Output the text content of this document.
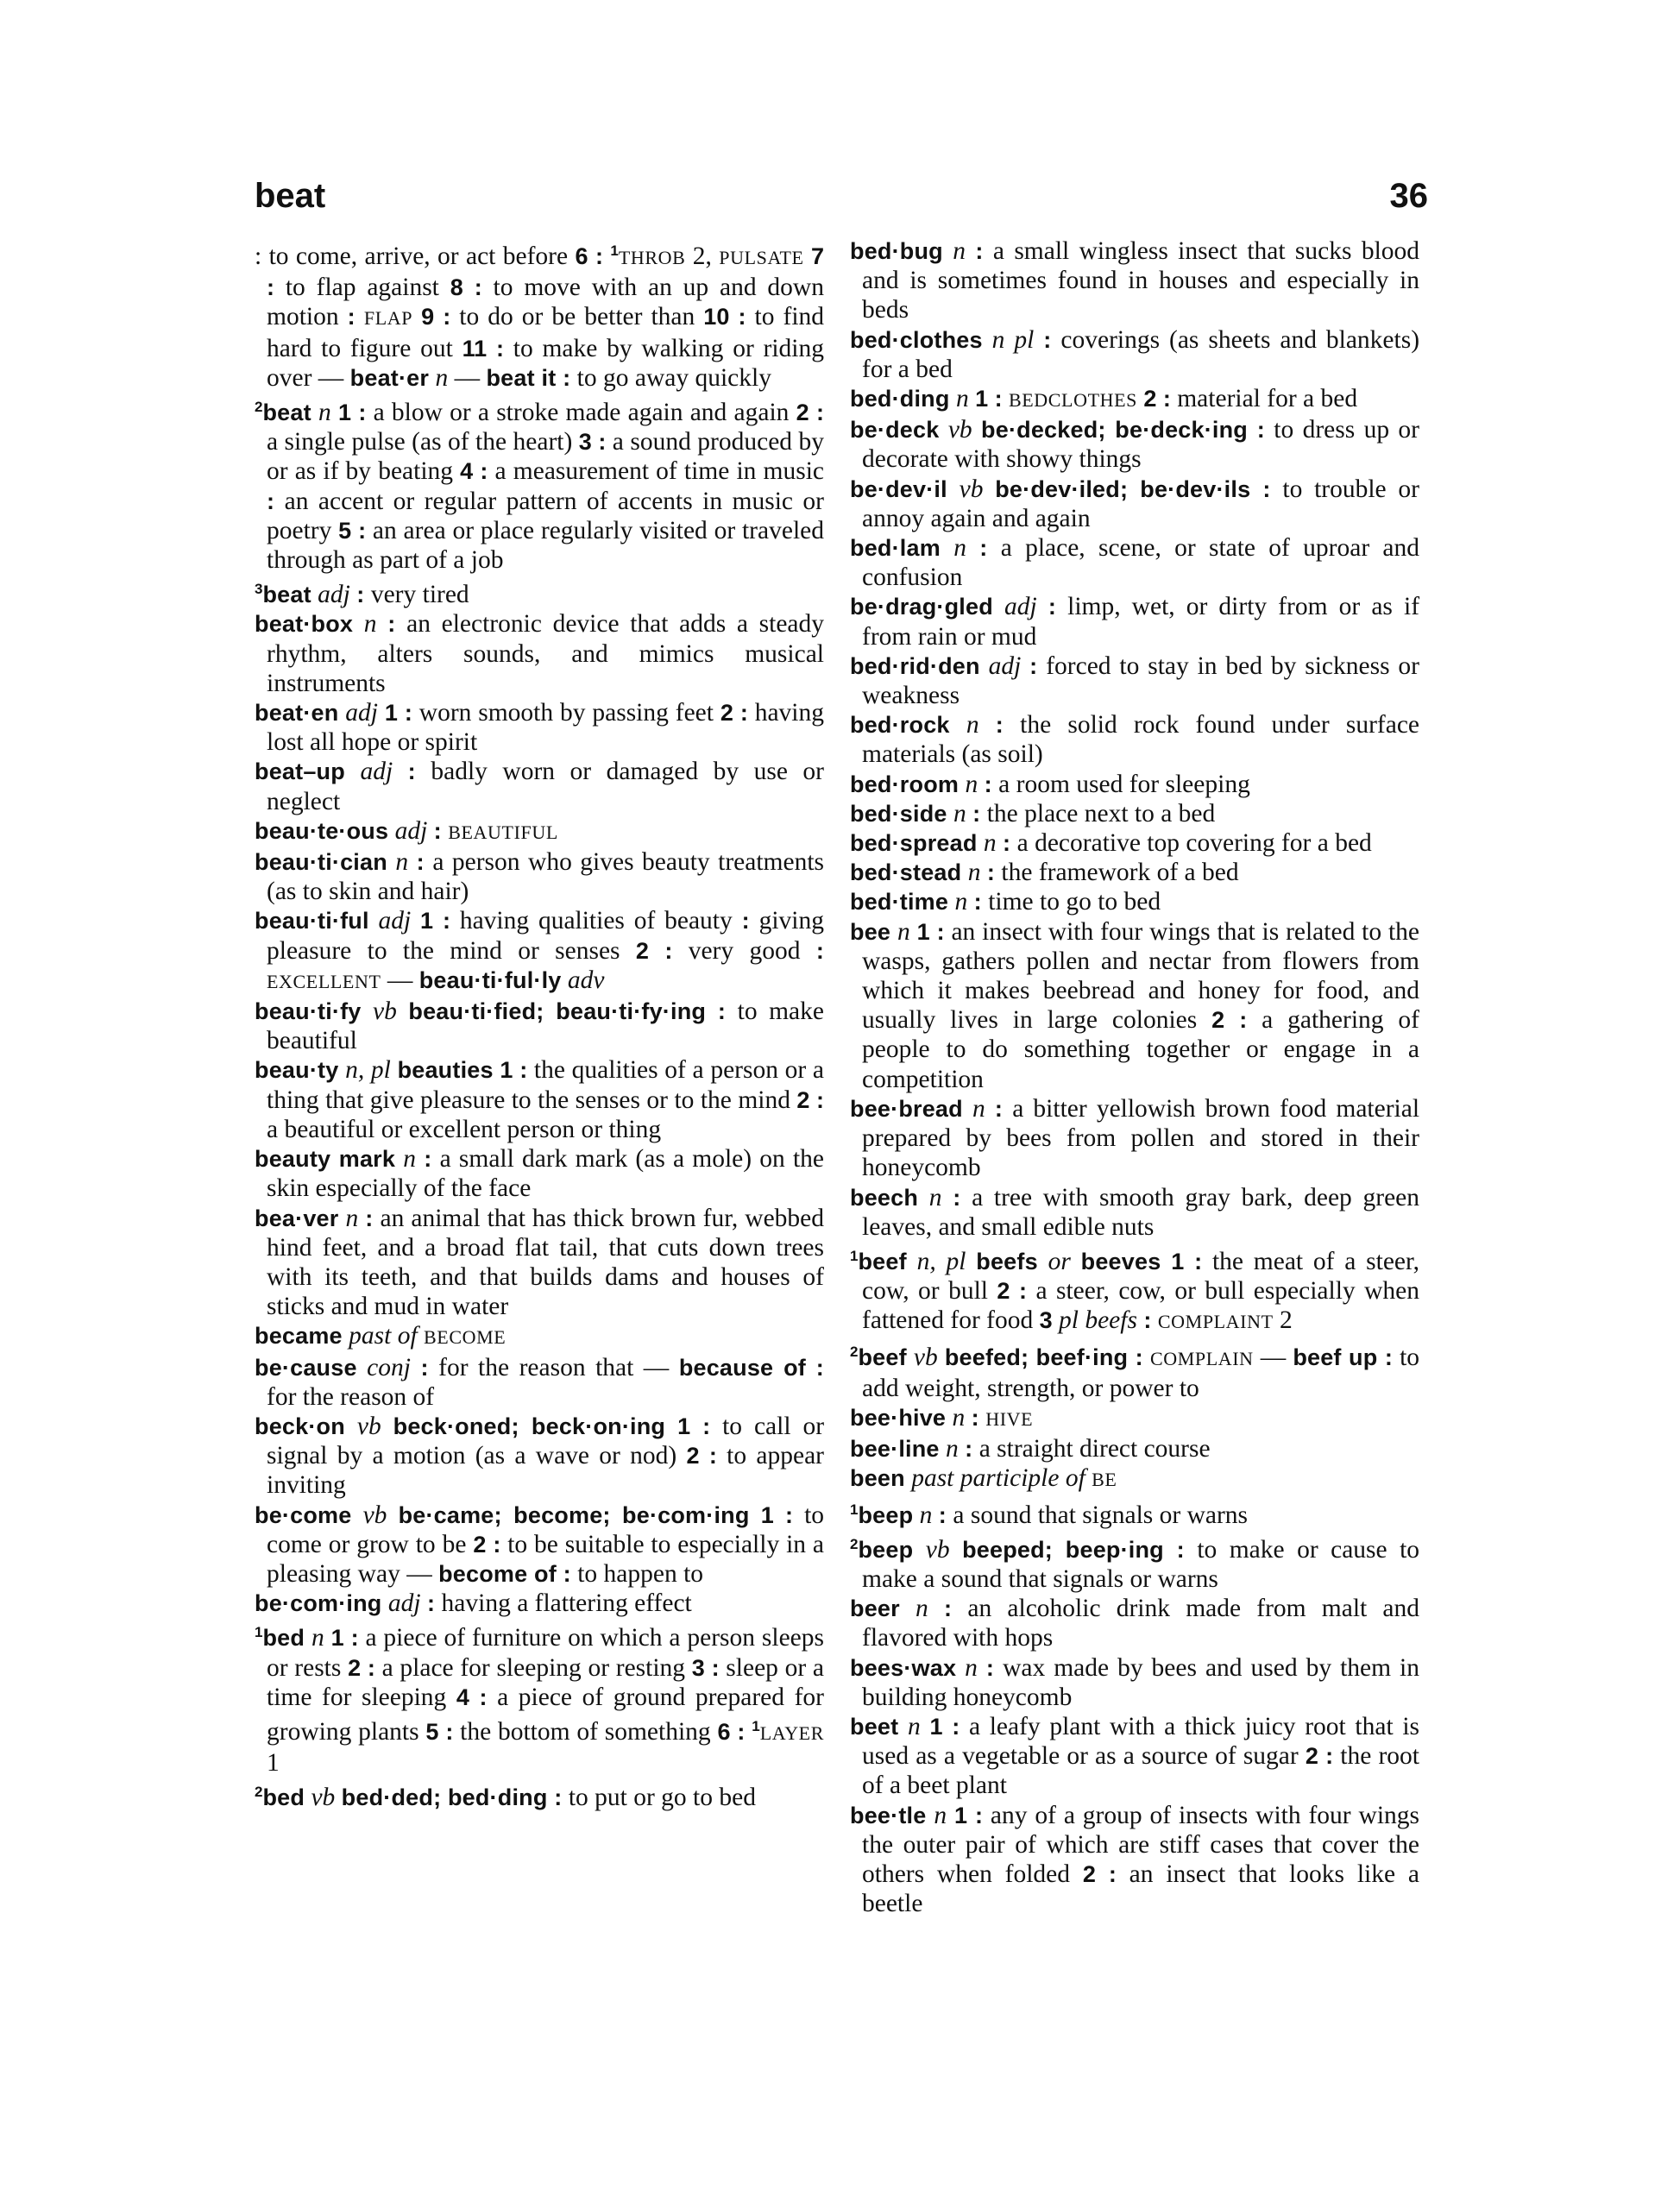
beat	36

: to come, arrive, or act before 6 : $^1$THROB 2, PULSATE 7 : to flap against 8 : to move with an up and down motion : FLAP 9 : to do or be better than 10 : to find hard to figure out 11 : to make by walking or riding over — beat·er n — beat it : to go away quickly

$^2$beat n 1 : a blow or a stroke made again and again 2 : a single pulse (as of the heart) 3 : a sound produced by or as if by beating 4 : a measurement of time in music : an accent or regular pattern of accents in music or poetry 5 : an area or place regularly visited or traveled through as part of a job

$^3$beat adj : very tired

beat·box n : an electronic device that adds a steady rhythm, alters sounds, and mimics musical instruments

beat·en adj 1 : worn smooth by passing feet 2 : having lost all hope or spirit

beat–up adj : badly worn or damaged by use or neglect

beau·te·ous adj : BEAUTIFUL

beau·ti·cian n : a person who gives beauty treatments (as to skin and hair)

beau·ti·ful adj 1 : having qualities of beauty : giving pleasure to the mind or senses 2 : very good : EXCELLENT — beau·ti·ful·ly adv

beau·ti·fy vb beau·ti·fied; beau·ti·fy·ing : to make beautiful

beau·ty n, pl beauties 1 : the qualities of a person or a thing that give pleasure to the senses or to the mind 2 : a beautiful or excellent person or thing

beauty mark n : a small dark mark (as a mole) on the skin especially of the face

bea·ver n : an animal that has thick brown fur, webbed hind feet, and a broad flat tail, that cuts down trees with its teeth, and that builds dams and houses of sticks and mud in water

became past of BECOME

be·cause conj : for the reason that — because of : for the reason of

beck·on vb beck·oned; beck·on·ing 1 : to call or signal by a motion (as a wave or nod) 2 : to appear inviting

be·come vb be·came; become; be·com·ing 1 : to come or grow to be 2 : to be suitable to especially in a pleasing way — become of : to happen to

be·com·ing adj : having a flattering effect

$^1$bed n 1 : a piece of furniture on which a person sleeps or rests 2 : a place for sleeping or resting 3 : sleep or a time for sleeping 4 : a piece of ground prepared for growing plants 5 : the bottom of something 6 : $^1$LAYER 1

$^2$bed vb bed·ded; bed·ding : to put or go to bed

bed·bug n : a small wingless insect that sucks blood and is sometimes found in houses and especially in beds

bed·clothes n pl : coverings (as sheets and blankets) for a bed

bed·ding n 1 : BEDCLOTHES 2 : material for a bed

be·deck vb be·decked; be·deck·ing : to dress up or decorate with showy things

be·dev·il vb be·dev·iled; be·dev·ils : to trouble or annoy again and again

bed·lam n : a place, scene, or state of uproar and confusion

be·drag·gled adj : limp, wet, or dirty from or as if from rain or mud

bed·rid·den adj : forced to stay in bed by sickness or weakness

bed·rock n : the solid rock found under surface materials (as soil)

bed·room n : a room used for sleeping

bed·side n : the place next to a bed

bed·spread n : a decorative top covering for a bed

bed·stead n : the framework of a bed

bed·time n : time to go to bed

bee n 1 : an insect with four wings that is related to the wasps, gathers pollen and nectar from flowers from which it makes beebread and honey for food, and usually lives in large colonies 2 : a gathering of people to do something together or engage in a competition

bee·bread n : a bitter yellowish brown food material prepared by bees from pollen and stored in their honeycomb

beech n : a tree with smooth gray bark, deep green leaves, and small edible nuts

$^1$beef n, pl beefs or beeves 1 : the meat of a steer, cow, or bull 2 : a steer, cow, or bull especially when fattened for food 3 pl beefs : COMPLAINT 2

$^2$beef vb beefed; beef·ing : COMPLAIN — beef up : to add weight, strength, or power to

bee·hive n : HIVE

bee·line n : a straight direct course

been past participle of BE

$^1$beep n : a sound that signals or warns

$^2$beep vb beeped; beep·ing : to make or cause to make a sound that signals or warns

beer n : an alcoholic drink made from malt and flavored with hops

bees·wax n : wax made by bees and used by them in building honeycomb

beet n 1 : a leafy plant with a thick juicy root that is used as a vegetable or as a source of sugar 2 : the root of a beet plant

bee·tle n 1 : any of a group of insects with four wings the outer pair of which are stiff cases that cover the others when folded 2 : an insect that looks like a beetle
